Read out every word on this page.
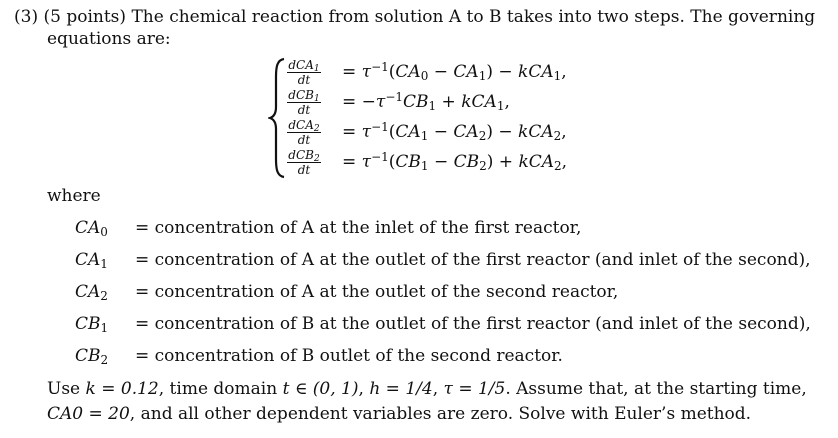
(3) (5 points) The chemical reaction from solution A to B takes into two steps. The governing
equations are:
$\frac{dCA_1}{dt} = \tau^{-1}(CA_0 - CA_1) - kCA_1$,
$\frac{dCB_1}{dt} = -\tau^{-1}CB_1 + kCA_1$,
$\frac{dCA_2}{dt} = \tau^{-1}(CA_1 - CA_2) - kCA_2$,
$\frac{dCB_2}{dt} = \tau^{-1}(CB_1 - CB_2) + kCA_2$,
where
$CA_0$ = concentration of A at the inlet of the first reactor,
$CA_1$ = concentration of A at the outlet of the first reactor (and inlet of the second),
$CA_2$ = concentration of A at the outlet of the second reactor,
$CB_1$ = concentration of B at the outlet of the first reactor (and inlet of the second),
$CB_2$ = concentration of B outlet of the second reactor.
Use k = 0.12, time domain t ∈ (0, 1), h = 1/4, τ = 1/5. Assume that, at the starting time,
CA0 = 20, and all other dependent variables are zero. Solve with Euler’s method.
